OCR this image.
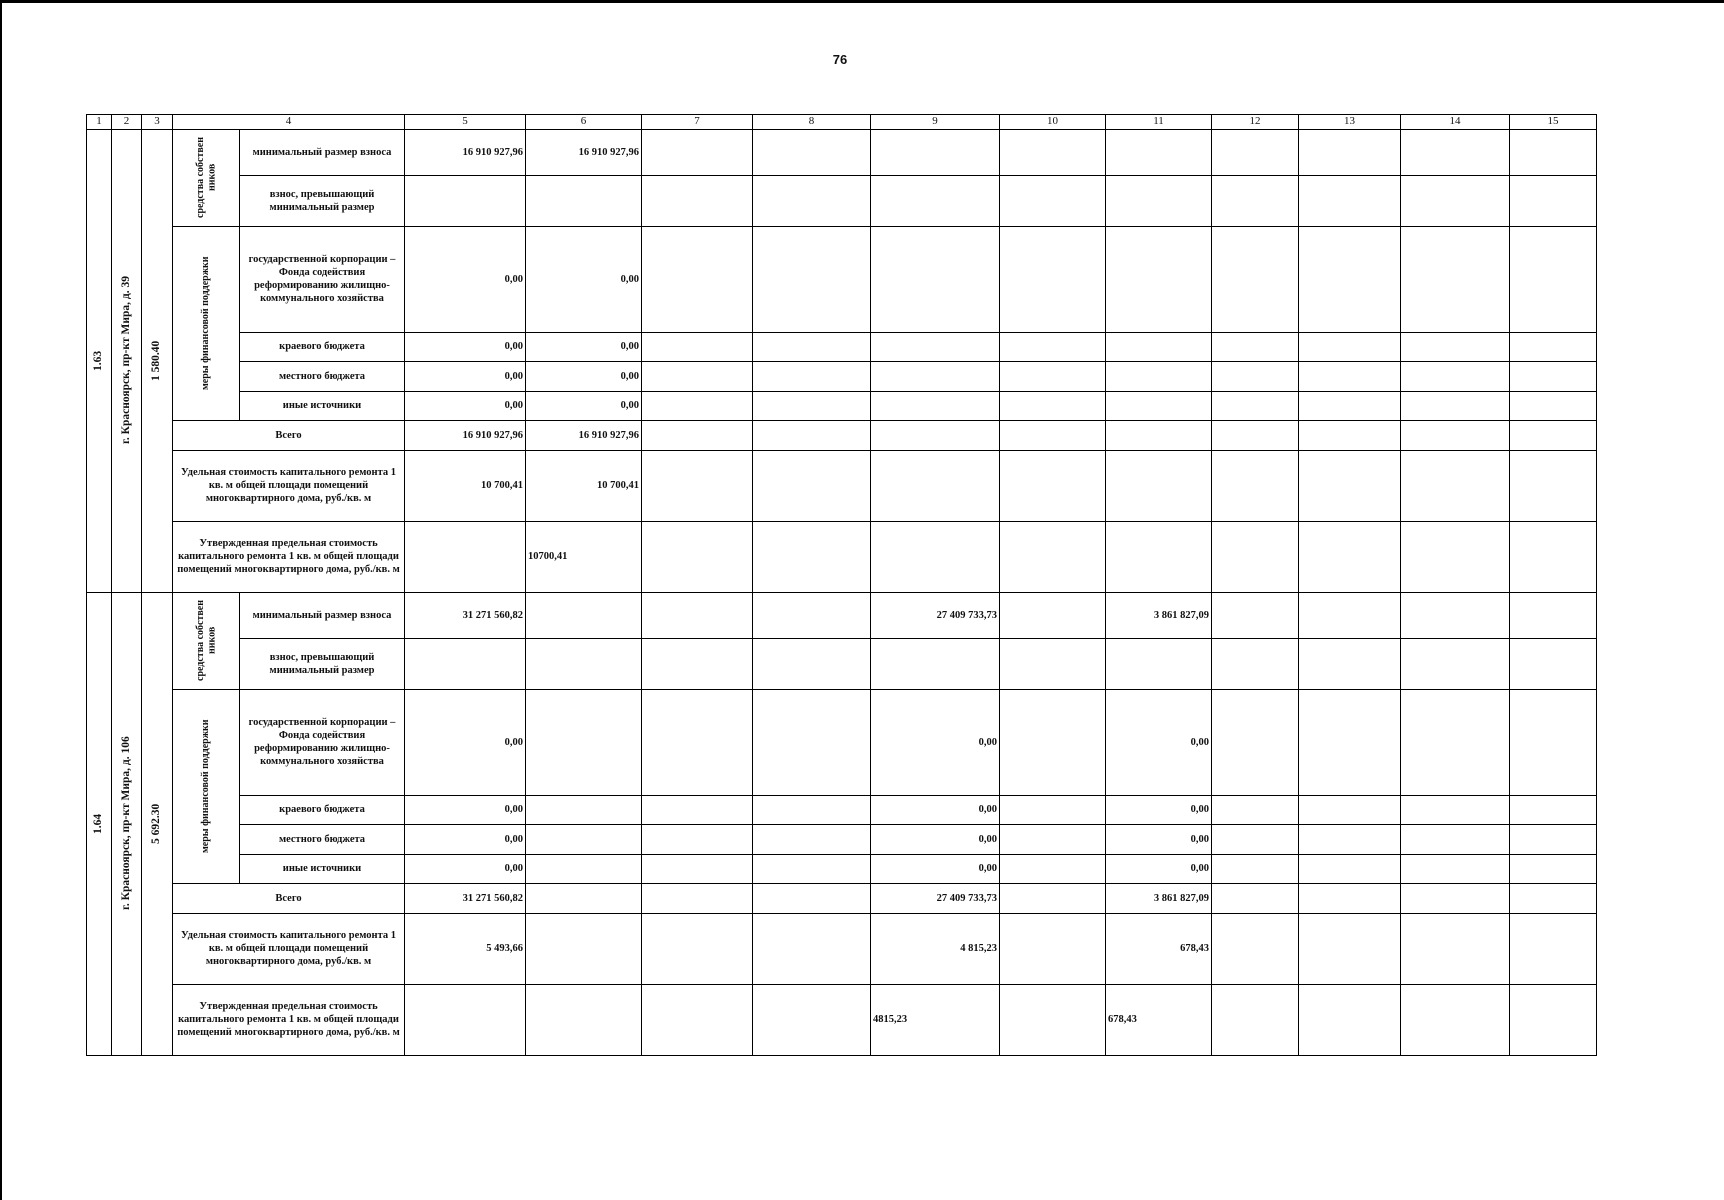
76
1	2	3	4		5	6	7	8	9	10	11	12	13	14	15

1.63	г. Красноярск, пр-кт Мира, д. 39	1 580.40	средства собствен ников	минимальный размер взноса	16 910 927,96	16 910 927,96									
				взнос, превышающий минимальный размер											

			меры финансовой поддержки	государственной корпорации – Фонда содействия реформированию жилищно-коммунального хозяйства	0,00	0,00									
				краевого бюджета	0,00	0,00									
				местного бюджета	0,00	0,00									
				иные источники	0,00	0,00									
			Всего		16 910 927,96	16 910 927,96									
			Удельная стоимость капитального ремонта 1 кв. м общей площади помещений многоквартирного дома, руб./кв. м		10 700,41	10 700,41									
			Утвержденная предельная стоимость капитального ремонта 1 кв. м общей площади помещений многоквартирного дома, руб./кв. м			10700,41									

1.64	г. Красноярск, пр-кт Мира, д. 106	5 692.30	средства собствен ников	минимальный размер взноса	31 271 560,82				27 409 733,73		3 861 827,09				
				взнос, превышающий минимальный размер											

			меры финансовой поддержки	государственной корпорации – Фонда содействия реформированию жилищно-коммунального хозяйства	0,00				0,00		0,00				
				краевого бюджета	0,00				0,00		0,00				
				местного бюджета	0,00				0,00		0,00				
				иные источники	0,00				0,00		0,00				
			Всего		31 271 560,82				27 409 733,73		3 861 827,09				
			Удельная стоимость капитального ремонта 1 кв. м общей площади помещений многоквартирного дома, руб./кв. м		5 493,66				4 815,23		678,43				
			Утвержденная предельная стоимость капитального ремонта 1 кв. м общей площади помещений многоквартирного дома, руб./кв. м						4815,23		678,43				
